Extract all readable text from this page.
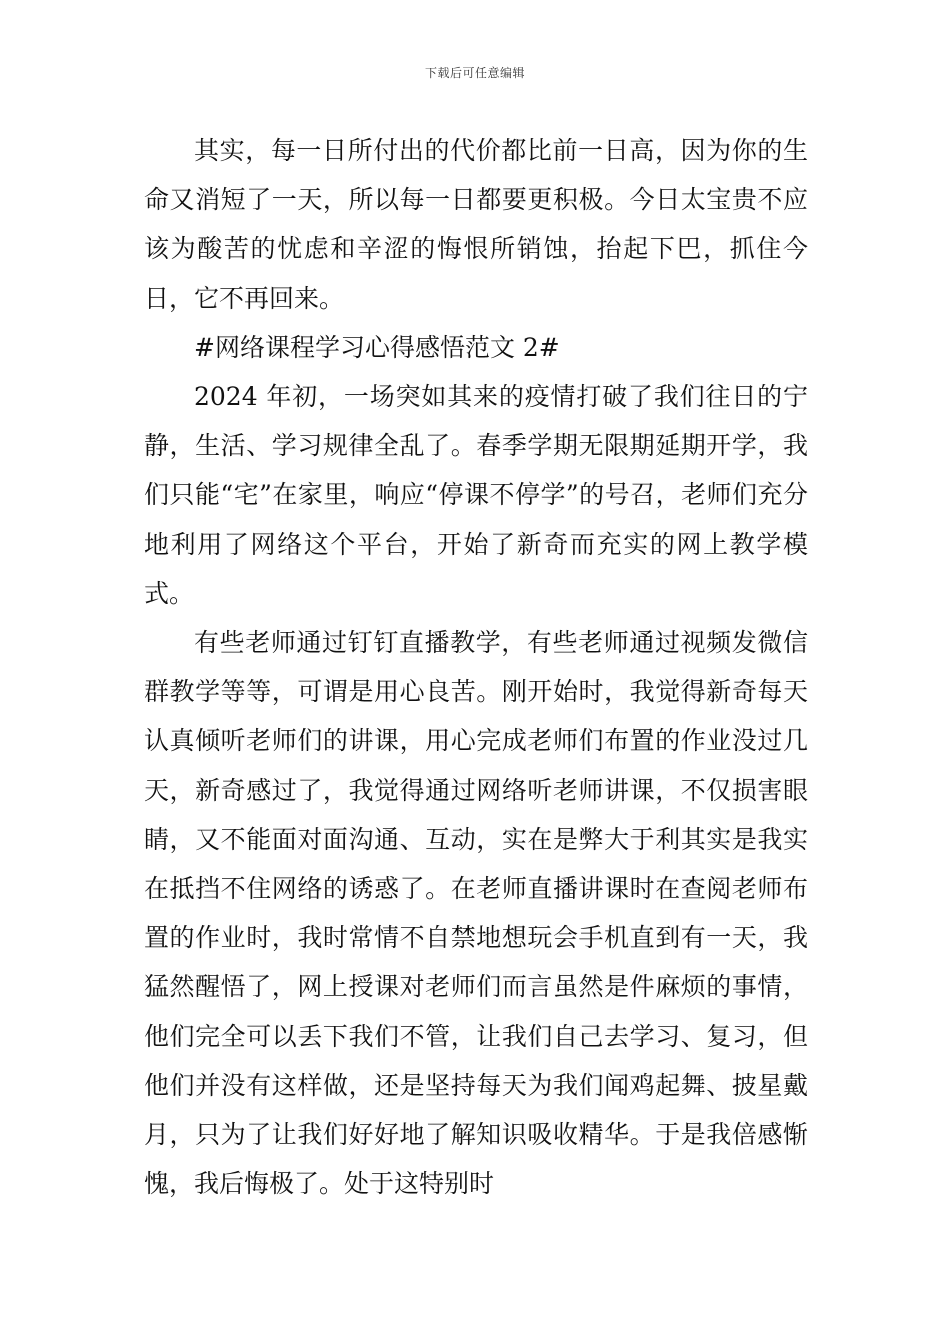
下载后可任意编辑

其实，每一日所付出的代价都比前一日高，因为你的生命又消短了一天，所以每一日都要更积极。今日太宝贵不应该为酸苦的忧虑和辛涩的悔恨所销蚀，抬起下巴，抓住今日，它不再回来。

#网络课程学习心得感悟范文 2#

2024 年初，一场突如其来的疫情打破了我们往日的宁静，生活、学习规律全乱了。春季学期无限期延期开学，我们只能“宅”在家里，响应“停课不停学”的号召，老师们充分地利用了网络这个平台，开始了新奇而充实的网上教学模式。

有些老师通过钉钉直播教学，有些老师通过视频发微信群教学等等，可谓是用心良苦。刚开始时，我觉得新奇每天认真倾听老师们的讲课，用心完成老师们布置的作业没过几天，新奇感过了，我觉得通过网络听老师讲课，不仅损害眼睛，又不能面对面沟通、互动，实在是弊大于利其实是我实在抵挡不住网络的诱惑了。在老师直播讲课时在查阅老师布置的作业时，我时常情不自禁地想玩会手机直到有一天，我猛然醒悟了，网上授课对老师们而言虽然是件麻烦的事情，他们完全可以丢下我们不管，让我们自己去学习、复习，但他们并没有这样做，还是坚持每天为我们闻鸡起舞、披星戴月，只为了让我们好好地了解知识吸收精华。于是我倍感惭愧，我后悔极了。处于这特别时
